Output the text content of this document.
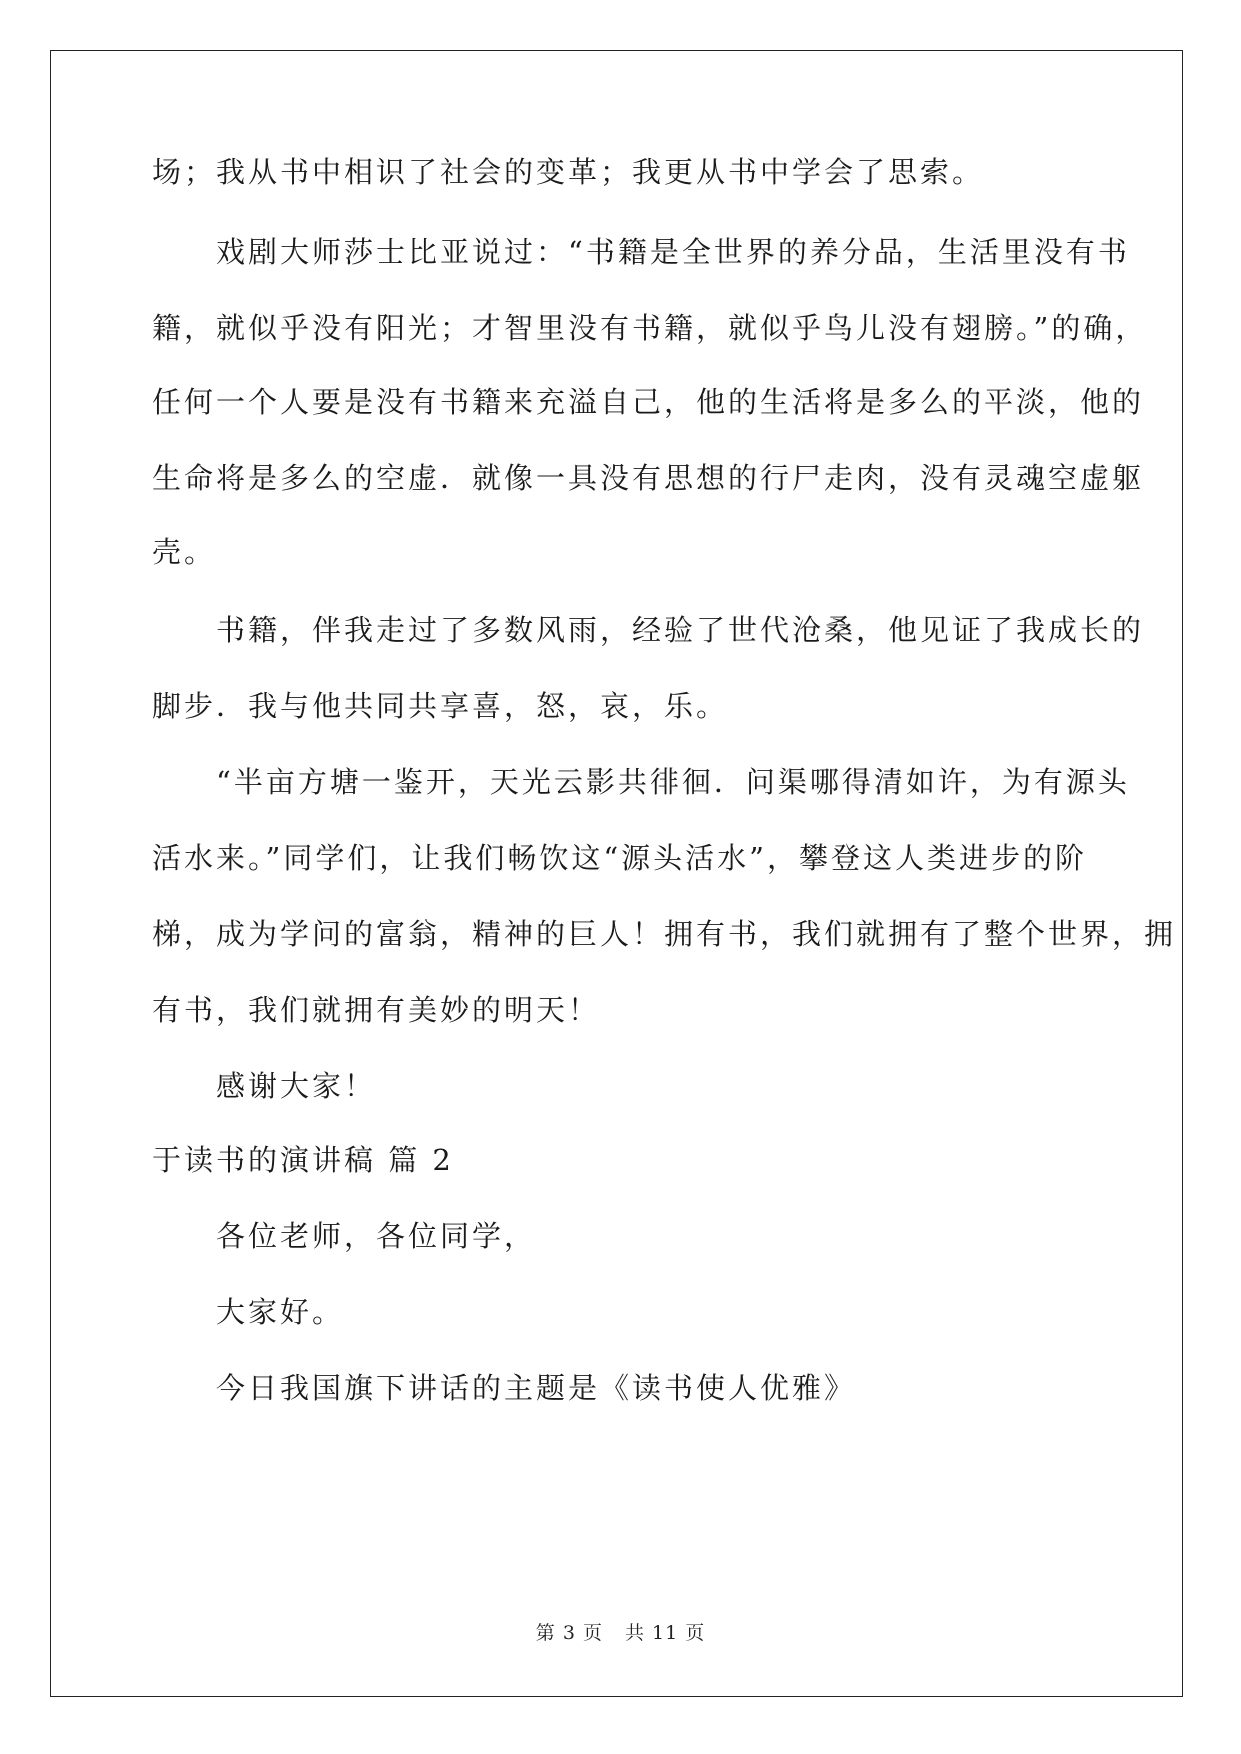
场；我从书中相识了社会的变革；我更从书中学会了思索。
戏剧大师莎士比亚说过：“书籍是全世界的养分品，生活里没有书
籍，就似乎没有阳光；才智里没有书籍，就似乎鸟儿没有翅膀。”的确，
任何一个人要是没有书籍来充溢自己，他的生活将是多么的平淡，他的
生命将是多么的空虚．就像一具没有思想的行尸走肉，没有灵魂空虚躯
壳。
书籍，伴我走过了多数风雨，经验了世代沧桑，他见证了我成长的
脚步．我与他共同共享喜，怒，哀，乐。
“半亩方塘一鉴开，天光云影共徘徊．问渠哪得清如许，为有源头
活水来。”同学们，让我们畅饮这“源头活水”，攀登这人类进步的阶
梯，成为学问的富翁，精神的巨人！拥有书，我们就拥有了整个世界，拥
有书，我们就拥有美妙的明天！
感谢大家！
于读书的演讲稿 篇 2
各位老师，各位同学，
大家好。
今日我国旗下讲话的主题是《读书使人优雅》
第 3 页 共 11 页
